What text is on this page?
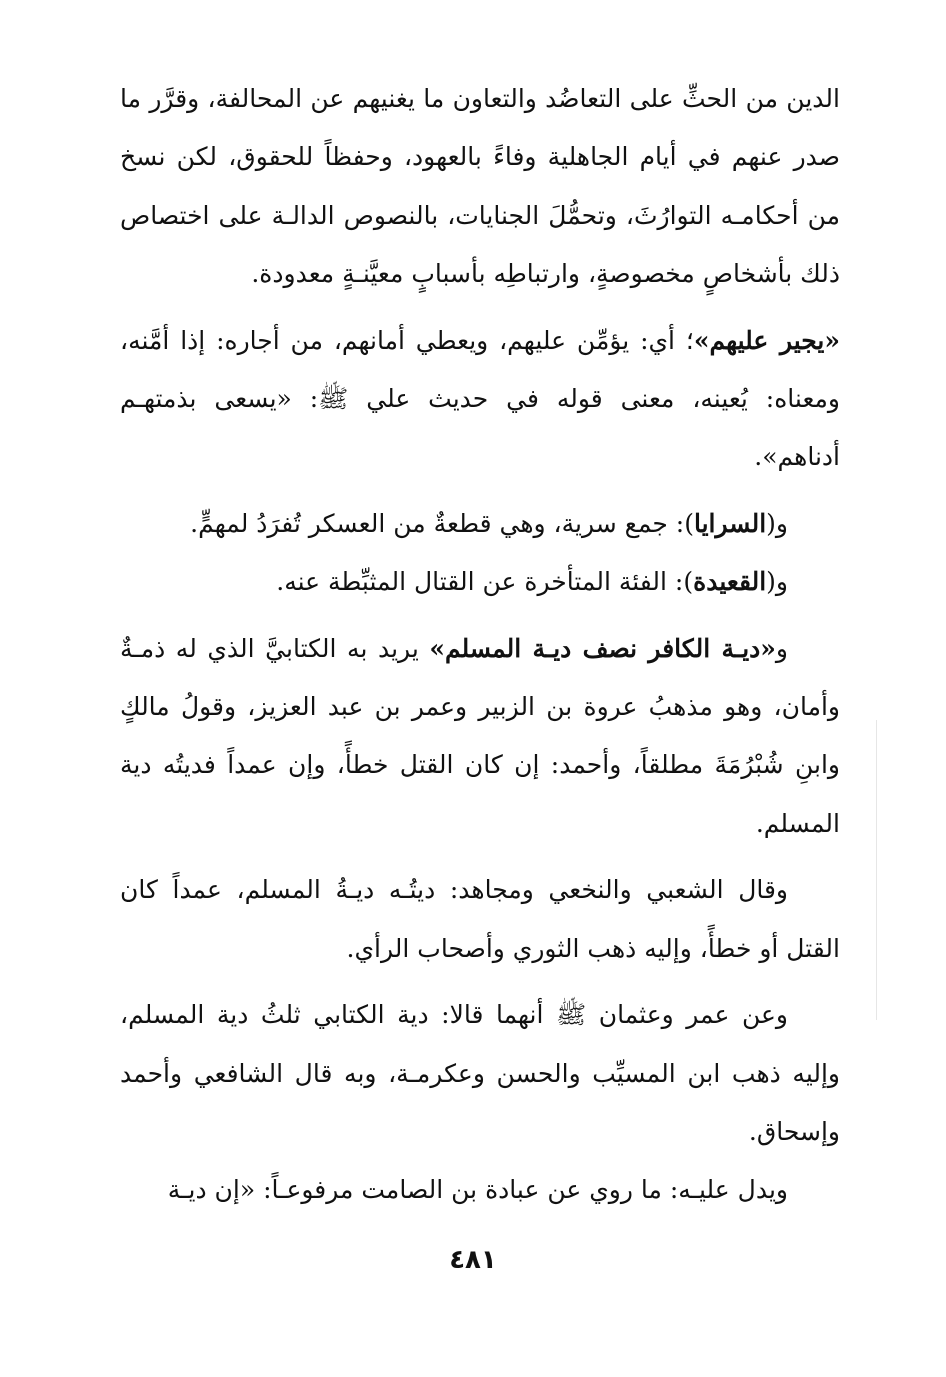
الدين من الحثِّ على التعاضُد والتعاون ما يغنيهم عن المحالفة، وقرَّر ما صدر عنهم في أيام الجاهلية وفاءً بالعهود، وحفظاً للحقوق، لكن نسخ من أحكامـه التوارُثَ، وتحمُّلَ الجنايات، بالنصوص الدالـة على اختصاص ذلك بأشخاصٍ مخصوصةٍ، وارتباطِه بأسبابٍ معيَّنـةٍ معدودة.

«يجير عليهم»؛ أي: يؤمِّن عليهم، ويعطي أمانهم، من أجاره: إذا أمَّنه، ومعناه: يُعينه، معنى قوله في حديث علي ﷺ: «يسعى بذمتهـم أدناهم».

و(السرايا): جمع سرية، وهي قطعةٌ من العسكر تُفرَدُ لمهمٍّ.

و(القعيدة): الفئة المتأخرة عن القتال المثبِّطة عنه.

و«ديـة الكافر نصف ديـة المسلم» يريد به الكتابيَّ الذي له ذمـةٌ وأمان، وهو مذهبُ عروة بن الزبير وعمر بن عبد العزيز، وقولُ مالكٍ وابنِ شُبْرُمَةَ مطلقاً، وأحمد: إن كان القتل خطأً، وإن عمداً فديتُه دية المسلم.

وقال الشعبي والنخعي ومجاهد: ديتُـه ديـةُ المسلم، عمداً كان القتل أو خطأً، وإليه ذهب الثوري وأصحاب الرأي.

وعن عمر وعثمان ﷺ أنهما قالا: دية الكتابي ثلثُ دية المسلم، وإليه ذهب ابن المسيِّب والحسن وعكرمـة، وبه قال الشافعي وأحمد وإسحاق.

ويدل عليـه: ما روي عن عبادة بن الصامت مرفوعـاً: «إن ديـة

٤٨١
